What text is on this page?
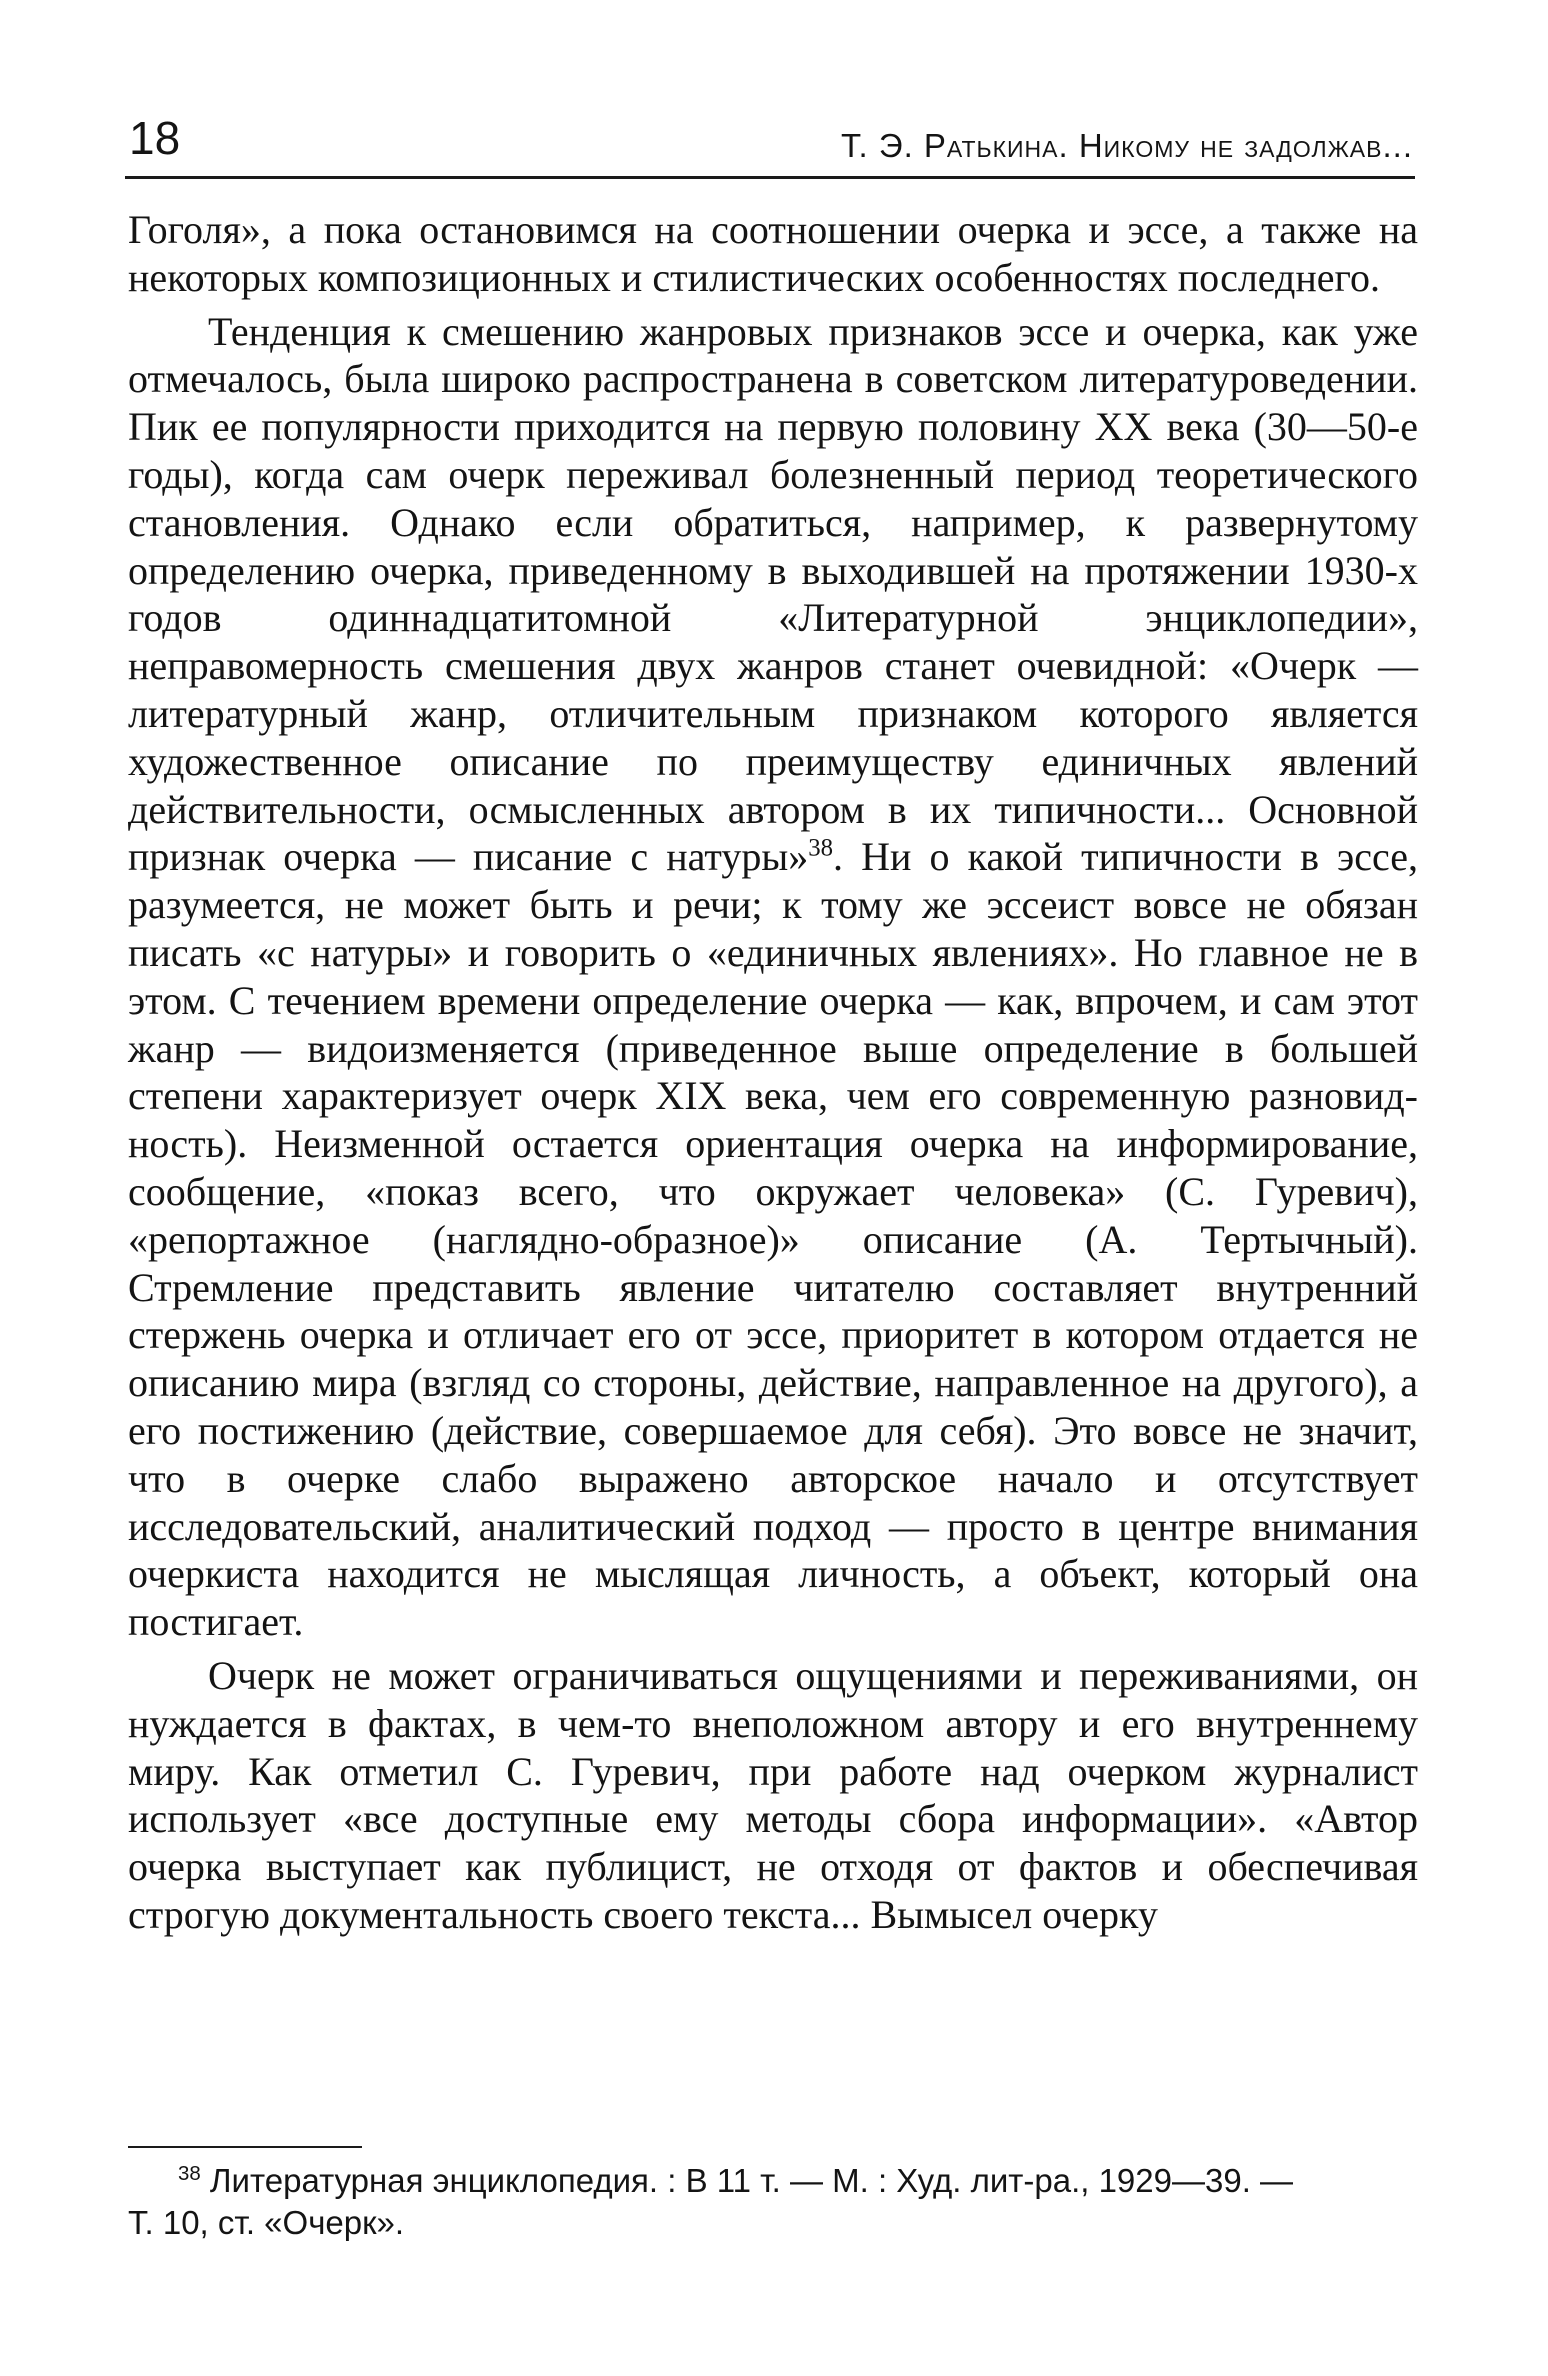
18	Т. Э. Ратькина. Никому не задолжав...

Гоголя», а пока остановимся на соотношении очерка и эссе, а также на некоторых композиционных и стилистических особенностях последнего.

Тенденция к смешению жанровых признаков эссе и очерка, как уже отмечалось, была широко распространена в советском литературоведении. Пик ее популярности приходится на первую половину XX века (30—50-е годы), когда сам очерк переживал болезненный период теоретического становления. Однако если обратиться, например, к развернутому определению очерка, приведенному в выходившей на протяжении 1930-х годов одиннадцатитомной «Литературной энциклопедии», неправомерность смешения двух жанров станет очевидной: «Очерк — литературный жанр, отличительным признаком которого является художественное описание по преимуществу единичных явлений действительности, осмысленных автором в их типичности... Основной признак очерка — писание с натуры»$^{38}$. Ни о какой типичности в эссе, разумеется, не может быть и речи; к тому же эссеист вовсе не обязан писать «с натуры» и говорить о «единичных явлениях». Но главное не в этом. С течением времени определение очерка — как, впрочем, и сам этот жанр — видоизменяется (приведенное выше определение в большей степени характеризует очерк XIX века, чем его современную разновидность). Неизменной остается ориентация очерка на информирование, сообщение, «показ всего, что окружает человека» (С. Гуревич), «репортажное (наглядно-образное)» описание (А. Тертычный). Стремление представить явление читателю составляет внутренний стержень очерка и отличает его от эссе, приоритет в котором отдается не описанию мира (взгляд со стороны, действие, направленное на другого), а его постижению (действие, совершаемое для себя). Это вовсе не значит, что в очерке слабо выражено авторское начало и отсутствует исследовательский, аналитический подход — просто в центре внимания очеркиста находится не мыслящая личность, а объект, который она постигает.

Очерк не может ограничиваться ощущениями и переживаниями, он нуждается в фактах, в чем-то внеположном автору и его внутреннему миру. Как отметил С. Гуревич, при работе над очерком журналист использует «все доступные ему методы сбора информации». «Автор очерка выступает как публицист, не отходя от фактов и обеспечивая строгую документальность своего текста... Вымысел очерку

$^{38}$ Литературная энциклопедия. : В 11 т. — М. : Худ. лит-ра., 1929—39. —
Т. 10, ст. «Очерк».
